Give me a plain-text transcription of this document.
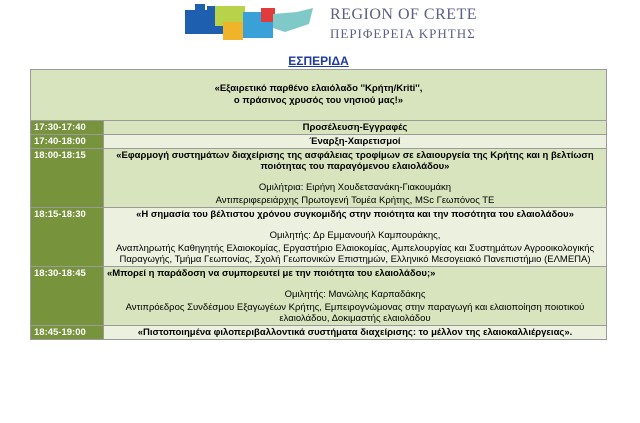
REGION OF CRETE
ΠΕΡΙΦΕΡΕΙΑ ΚΡΗΤΗΣ
ΕΣΠΕΡΙΔΑ
«Εξαιρετικό παρθένο ελαιόλαδο ''Κρήτη/Kriti'',
ο πράσινος χρυσός του νησιού μας!»	

17:30-17:40	Προσέλευση-Εγγραφές

17:40-18:00	Έναρξη-Χαιρετισμοί

18:00-18:15	«Εφαρμογή συστημάτων διαχείρισης της ασφάλειας τροφίμων σε ελαιουργεία της Κρήτης και η βελτίωση ποιότητας του παραγόμενου ελαιολάδου»
Ομιλήτρια: Ειρήνη Χουδετσανάκη-Γιακουμάκη
Αντιπεριφερειάρχης Πρωτογενή Τομέα Κρήτης, MSc Γεωπόνος ΤΕ

18:15-18:30	«Η σημασία του βέλτιστου χρόνου συγκομιδής στην ποιότητα και την ποσότητα του ελαιολάδου»
Ομιλητής: Δρ Εμμανουήλ Καμπουράκης,
Αναπληρωτής Καθηγητής Ελαιοκομίας, Εργαστήριο Ελαιοκομίας, Αμπελουργίας και Συστημάτων Αγροοικολογικής Παραγωγής, Τμήμα Γεωπονίας, Σχολή Γεωπονικών Επιστημών, Ελληνικό Μεσογειακό Πανεπιστήμιο (ΕΛΜΕΠΑ)

18:30-18:45	«Μπορεί η παράδοση να συμπορευτεί με την ποιότητα του ελαιολάδου;»
Ομιλητής: Μανώλης Καρπαδάκης
Αντιπρόεδρος Συνδέσμου Εξαγωγέων Κρήτης, Εμπειρογνώμονας στην παραγωγή και ελαιοποίηση ποιοτικού ελαιολάδου, Δοκιμαστής ελαιολάδου

18:45-19:00	«Πιστοποιημένα φιλοπεριβαλλοντικά συστήματα διαχείρισης: το μέλλον της ελαιοκαλλιέργειας».
